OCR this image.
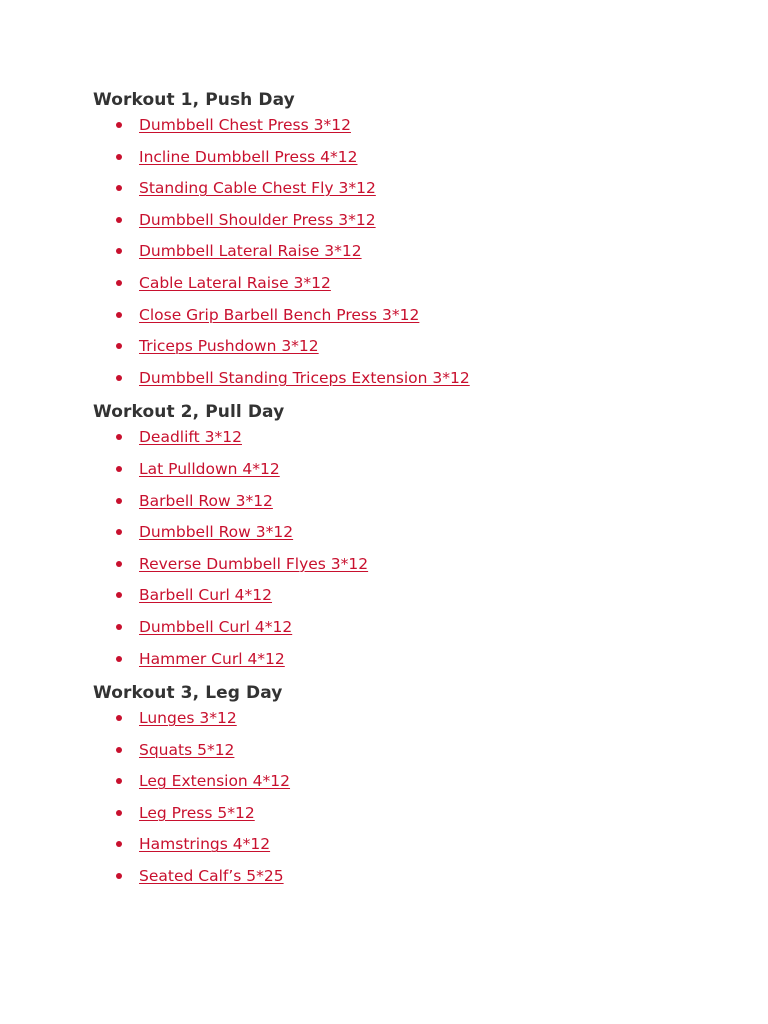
Workout 1, Push Day
Dumbbell Chest Press 3*12
Incline Dumbbell Press 4*12
Standing Cable Chest Fly 3*12
Dumbbell Shoulder Press 3*12
Dumbbell Lateral Raise 3*12
Cable Lateral Raise 3*12
Close Grip Barbell Bench Press 3*12
Triceps Pushdown 3*12
Dumbbell Standing Triceps Extension 3*12
Workout 2, Pull Day
Deadlift 3*12
Lat Pulldown 4*12
Barbell Row 3*12
Dumbbell Row 3*12
Reverse Dumbbell Flyes 3*12
Barbell Curl 4*12
Dumbbell Curl 4*12
Hammer Curl 4*12
Workout 3, Leg Day
Lunges 3*12
Squats 5*12
Leg Extension 4*12
Leg Press 5*12
Hamstrings 4*12
Seated Calf’s 5*25
